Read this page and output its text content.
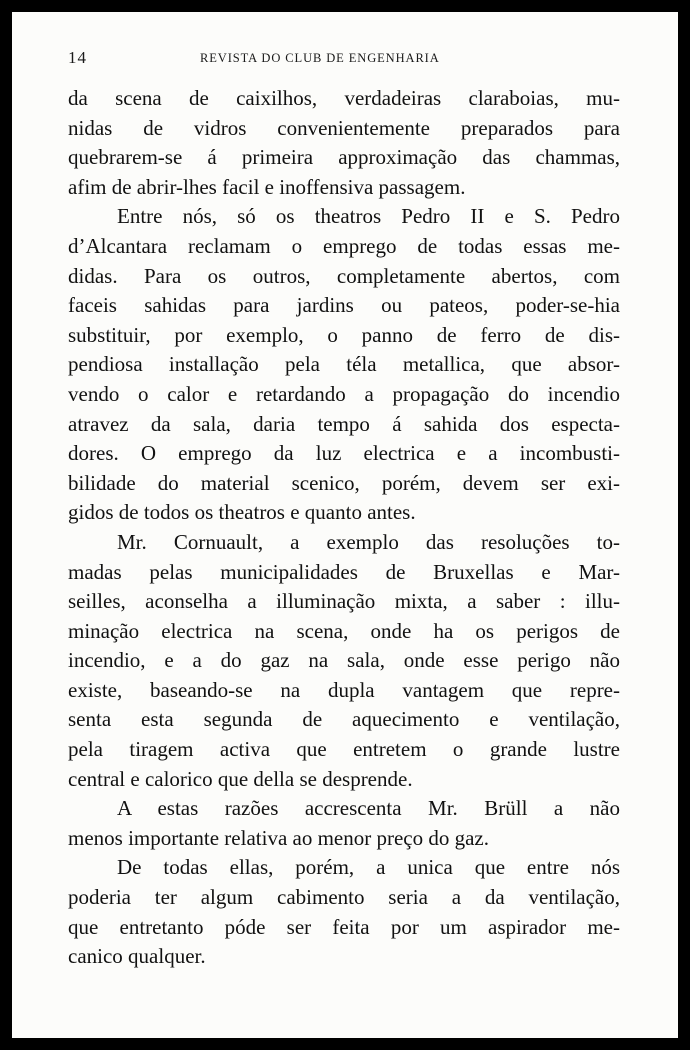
14	REVISTA DO CLUB DE ENGENHARIA
da scena de caixilhos, verdadeiras claraboias, mu-
nidas de vidros convenientemente preparados para
quebrarem-se á primeira approximação das chammas,
afim de abrir-lhes facil e inoffensiva passagem.
Entre nós, só os theatros Pedro II e S. Pedro
d’Alcantara reclamam o emprego de todas essas me-
didas. Para os outros, completamente abertos, com
faceis sahidas para jardins ou pateos, poder-se-hia
substituir, por exemplo, o panno de ferro de dis-
pendiosa installação pela téla metallica, que absor-
vendo o calor e retardando a propagação do incendio
atravez da sala, daria tempo á sahida dos especta-
dores. O emprego da luz electrica e a incombusti-
bilidade do material scenico, porém, devem ser exi-
gidos de todos os theatros e quanto antes.
Mr. Cornuault, a exemplo das resoluções to-
madas pelas municipalidades de Bruxellas e Mar-
seilles, aconselha a illuminação mixta, a saber : illu-
minação electrica na scena, onde ha os perigos de
incendio, e a do gaz na sala, onde esse perigo não
existe, baseando-se na dupla vantagem que repre-
senta esta segunda de aquecimento e ventilação,
pela tiragem activa que entretem o grande lustre
central e calorico que della se desprende.
A estas razões accrescenta Mr. Brüll a não
menos importante relativa ao menor preço do gaz.
De todas ellas, porém, a unica que entre nós
poderia ter algum cabimento seria a da ventilação,
que entretanto póde ser feita por um aspirador me-
canico qualquer.
